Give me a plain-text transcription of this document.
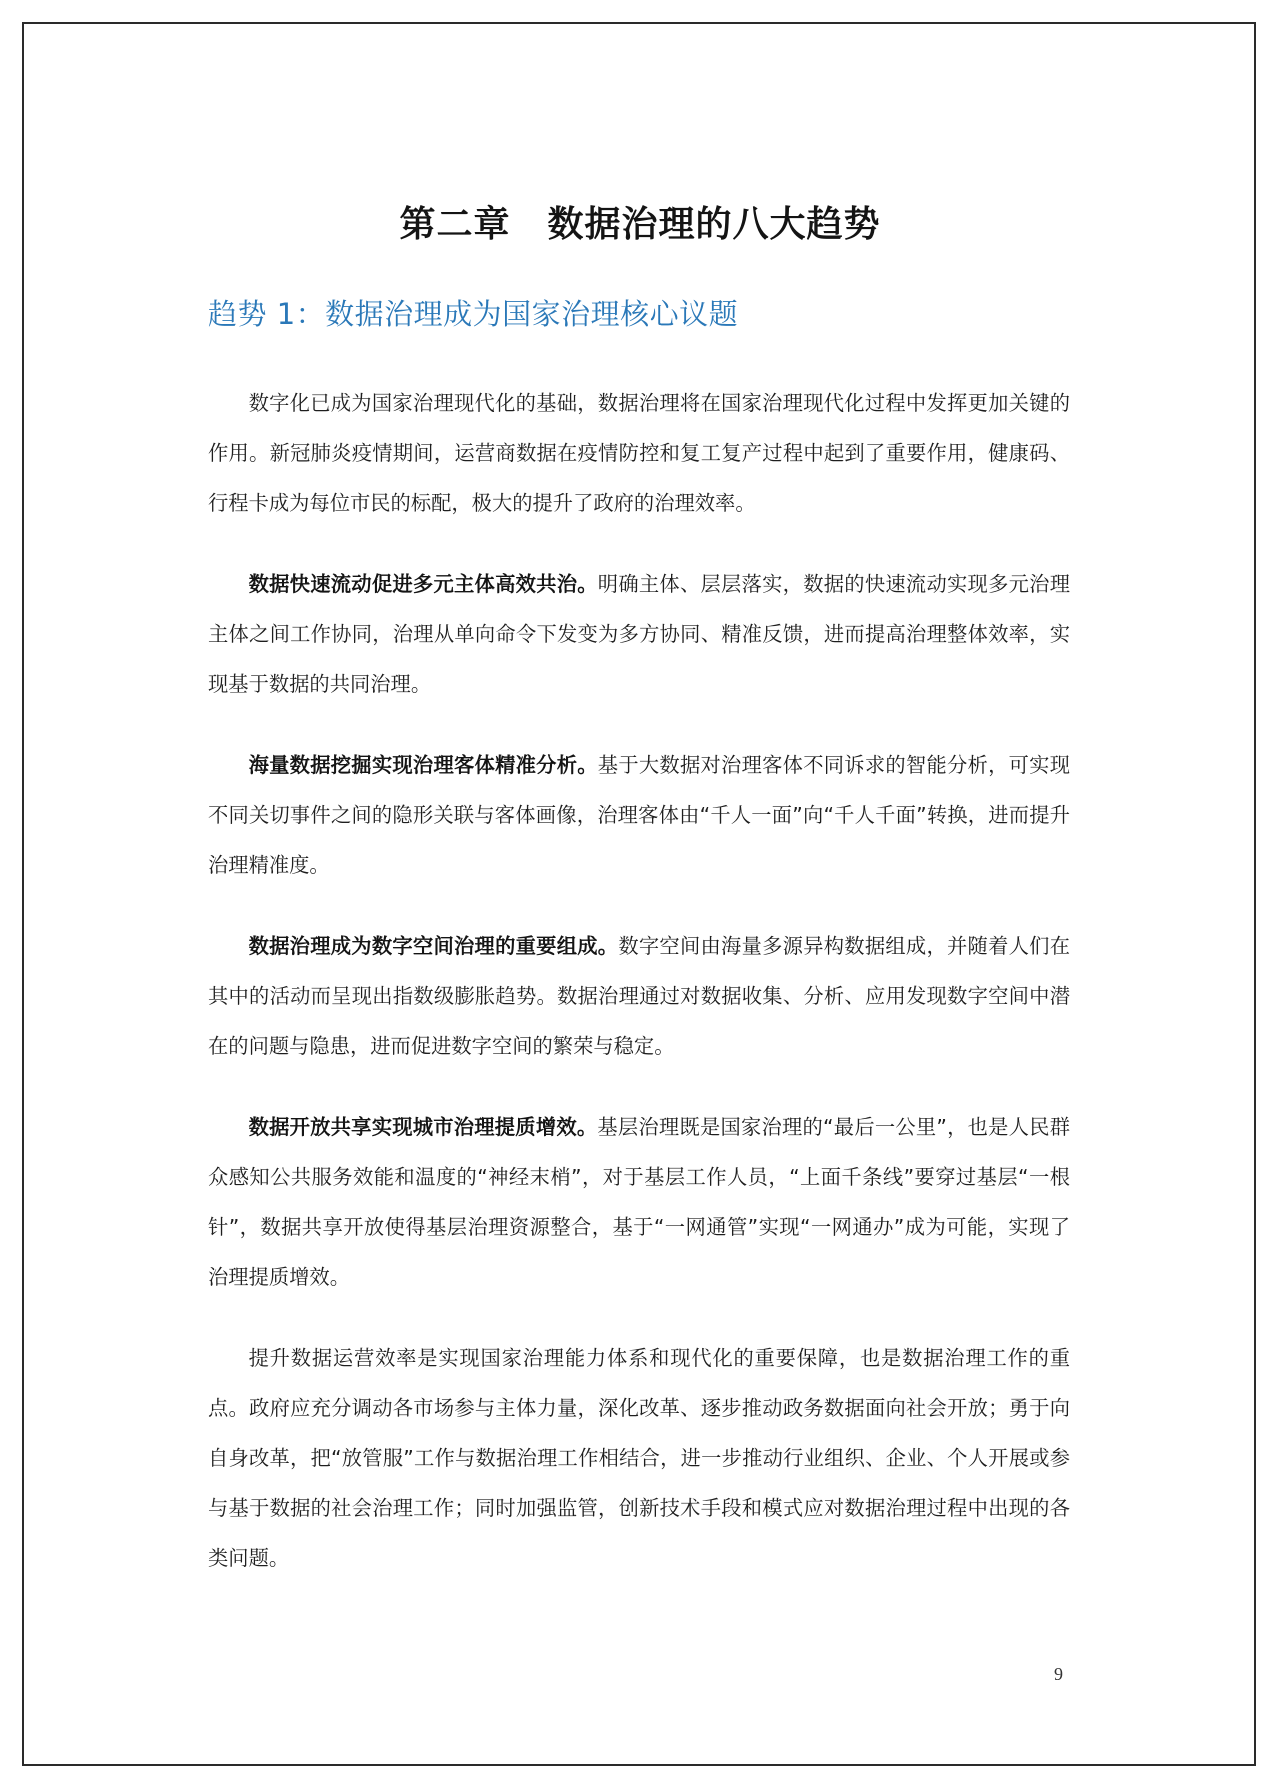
第二章　数据治理的八大趋势
趋势 1：数据治理成为国家治理核心议题

数字化已成为国家治理现代化的基础，数据治理将在国家治理现代化过程中发挥更加关键的作用。新冠肺炎疫情期间，运营商数据在疫情防控和复工复产过程中起到了重要作用，健康码、行程卡成为每位市民的标配，极大的提升了政府的治理效率。

数据快速流动促进多元主体高效共治。明确主体、层层落实，数据的快速流动实现多元治理主体之间工作协同，治理从单向命令下发变为多方协同、精准反馈，进而提高治理整体效率，实现基于数据的共同治理。

海量数据挖掘实现治理客体精准分析。基于大数据对治理客体不同诉求的智能分析，可实现不同关切事件之间的隐形关联与客体画像，治理客体由“千人一面”向“千人千面”转换，进而提升治理精准度。

数据治理成为数字空间治理的重要组成。数字空间由海量多源异构数据组成，并随着人们在其中的活动而呈现出指数级膨胀趋势。数据治理通过对数据收集、分析、应用发现数字空间中潜在的问题与隐患，进而促进数字空间的繁荣与稳定。

数据开放共享实现城市治理提质增效。基层治理既是国家治理的“最后一公里”，也是人民群众感知公共服务效能和温度的“神经末梢”，对于基层工作人员，“上面千条线”要穿过基层“一根针”，数据共享开放使得基层治理资源整合，基于“一网通管”实现“一网通办”成为可能，实现了治理提质增效。

提升数据运营效率是实现国家治理能力体系和现代化的重要保障，也是数据治理工作的重点。政府应充分调动各市场参与主体力量，深化改革、逐步推动政务数据面向社会开放；勇于向自身改革，把“放管服”工作与数据治理工作相结合，进一步推动行业组织、企业、个人开展或参与基于数据的社会治理工作；同时加强监管，创新技术手段和模式应对数据治理过程中出现的各类问题。

9
